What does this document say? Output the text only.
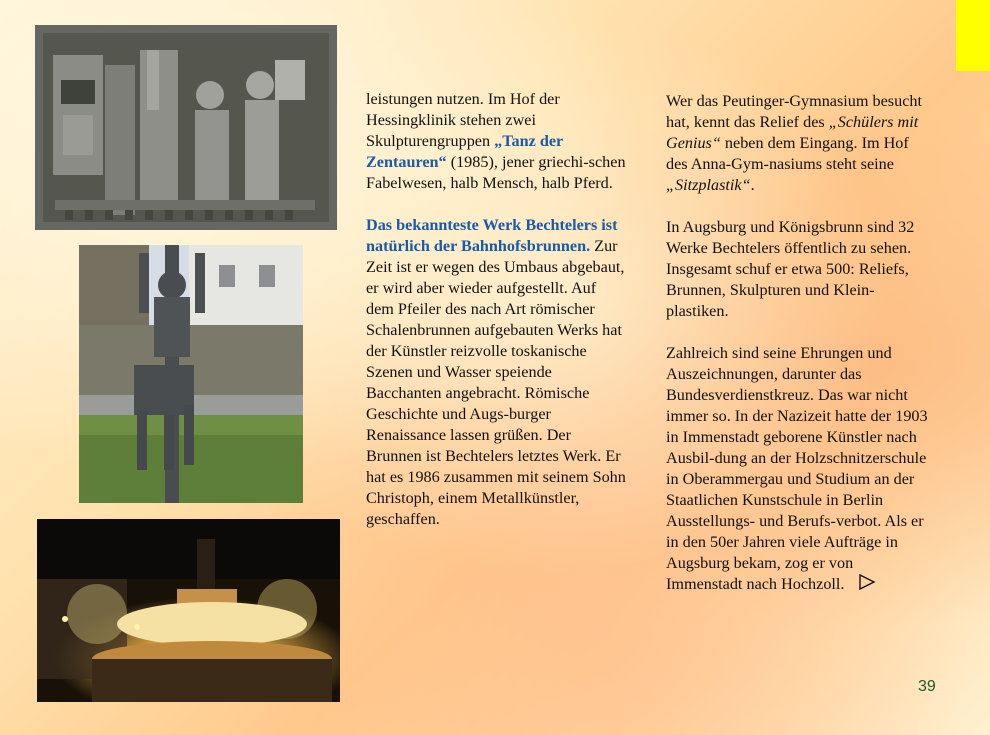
leistungen nutzen. Im Hof der Hessingklinik stehen zwei Skulpturengruppen „Tanz der Zentauren“ (1985), jener griechi-schen Fabelwesen, halb Mensch, halb Pferd.

Das bekannteste Werk Bechtelers ist natürlich der Bahnhofsbrunnen. Zur Zeit ist er wegen des Umbaus abgebaut, er wird aber wieder aufgestellt. Auf dem Pfeiler des nach Art römischer Schalenbrunnen aufgebauten Werks hat der Künstler reizvolle toskanische Szenen und Wasser speiende Bacchanten angebracht. Römische Geschichte und Augs-burger Renaissance lassen grüßen. Der Brunnen ist Bechtelers letztes Werk. Er hat es 1986 zusammen mit seinem Sohn Christoph, einem Metallkünstler, geschaffen.

Wer das Peutinger-Gymnasium besucht hat, kennt das Relief des „Schülers mit Genius“ neben dem Eingang. Im Hof des Anna-Gym-nasiums steht seine „Sitzplastik“.

In Augsburg und Königsbrunn sind 32 Werke Bechtelers öffentlich zu sehen. Insgesamt schuf er etwa 500: Reliefs, Brunnen, Skulpturen und Klein-plastiken.

Zahlreich sind seine Ehrungen und Auszeichnungen, darunter das Bundesverdienstkreuz. Das war nicht immer so. In der Nazizeit hatte der 1903 in Immenstadt geborene Künstler nach Ausbil-dung an der Holzschnitzerschule in Oberammergau und Studium an der Staatlichen Kunstschule in Berlin Ausstellungs- und Berufs-verbot. Als er in den 50er Jahren viele Aufträge in Augsburg bekam, zog er von Immenstadt nach Hochzoll.

39
